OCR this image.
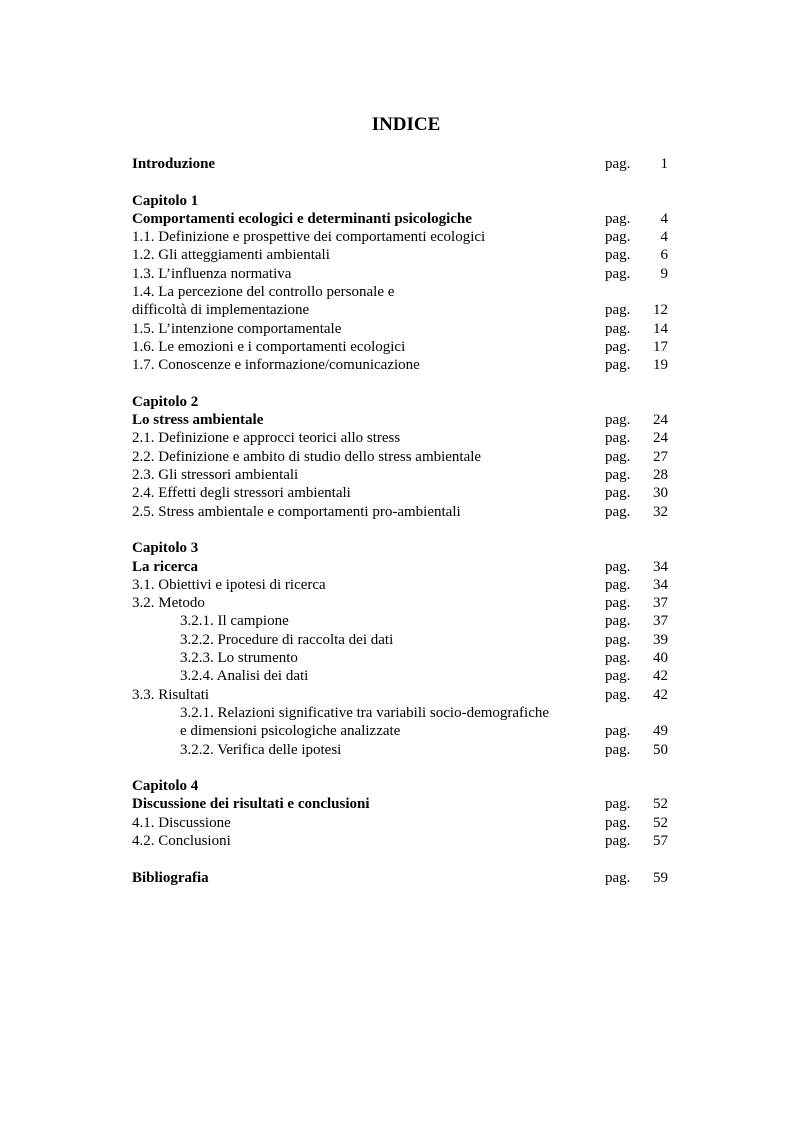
INDICE
Introduzione	pag. 1
Capitolo 1
Comportamenti ecologici e determinanti psicologiche	pag. 4
1.1. Definizione e prospettive dei comportamenti ecologici	pag. 4
1.2. Gli atteggiamenti ambientali	pag. 6
1.3. L’influenza normativa	pag. 9
1.4. La percezione del controllo personale e
difficoltà di implementazione	pag. 12
1.5. L’intenzione comportamentale	pag. 14
1.6. Le emozioni e i comportamenti ecologici	pag. 17
1.7. Conoscenze e informazione/comunicazione	pag. 19
Capitolo 2
Lo stress ambientale	pag. 24
2.1. Definizione e approcci teorici allo stress	pag. 24
2.2. Definizione e ambito di studio dello stress ambientale	pag. 27
2.3. Gli stressori ambientali	pag. 28
2.4. Effetti degli stressori ambientali	pag. 30
2.5. Stress ambientale e comportamenti pro-ambientali	pag. 32
Capitolo 3
La ricerca	pag. 34
3.1. Obiettivi e ipotesi di ricerca	pag. 34
3.2. Metodo	pag. 37
3.2.1. Il campione	pag. 37
3.2.2. Procedure di raccolta dei dati	pag. 39
3.2.3. Lo strumento	pag. 40
3.2.4. Analisi dei dati	pag. 42
3.3. Risultati	pag. 42
3.2.1. Relazioni significative tra variabili socio-demografiche
e dimensioni psicologiche analizzate	pag. 49
3.2.2. Verifica delle ipotesi	pag. 50
Capitolo 4
Discussione dei risultati e conclusioni	pag. 52
4.1. Discussione	pag. 52
4.2. Conclusioni	pag. 57
Bibliografia	pag. 59
